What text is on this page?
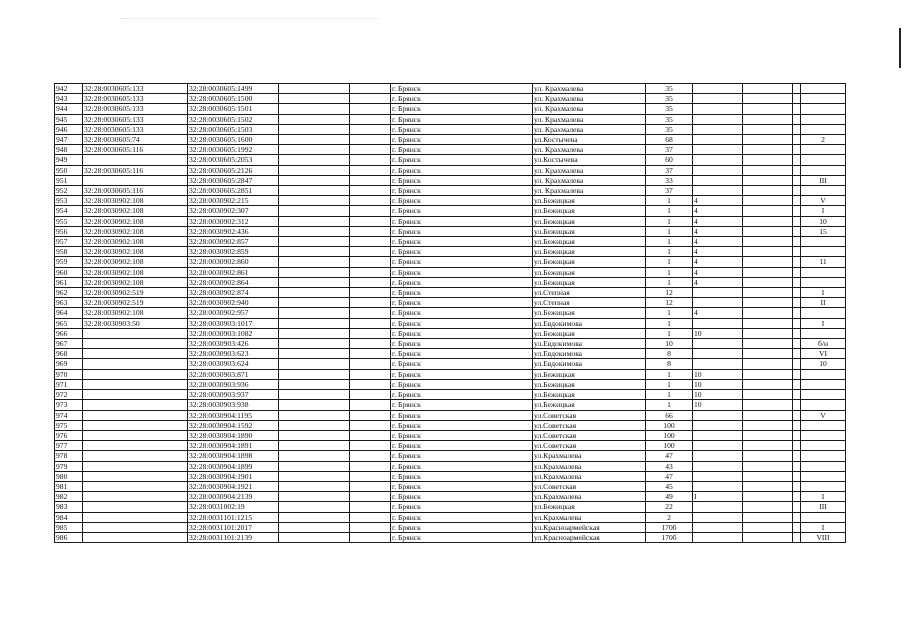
942	32:28:0030605:133	32:28:0030605:1499			г. Брянск	ул. Крахмалева	35				
943	32:28:0030605:133	32:28:0030605:1500			г. Брянск	ул. Крахмалева	35				
944	32:28:0030605:133	32:28:0030605:1501			г. Брянск	ул. Крахмалева	35				
945	32:28:0030605:133	32:28:0030605:1502			г. Брянск	ул. Крахмалева	35				
946	32:28:0030605:133	32:28:0030605:1503			г. Брянск	ул. Крахмалева	35				
947	32:28:0030605:74	32:28:0030605:1600			г. Брянск	ул.Костычева	68				2
948	32:28:0030605:116	32:28:0030605:1992			г. Брянск	ул. Крахмалева	37				
949		32:28:0030605:2053			г. Брянск	ул.Костычева	60				
950	32:28:0030605:116	32:28:0030605:2126			г. Брянск	ул. Крахмалева	37				
951		32:28:0030605:2847			г. Брянск	ул. Крахмалева	33				III
952	32:28:0030605:116	32:28:0030605:2851			г. Брянск	ул. Крахмалева	37				
953	32:28:0030902:108	32:28:0030902:215			г. Брянск	ул.Бежицкая	1	4			V
954	32:28:0030902:108	32:28:0030902:307			г. Брянск	ул.Бежицкая	1	4			I
955	32:28:0030902:108	32:28:0030902:312			г. Брянск	ул.Бежицкая	1	4			10
956	32:28:0030902:108	32:28:0030902:436			г. Брянск	ул.Бежицкая	1	4			15
957	32:28:0030902:108	32:28:0030902:857			г. Брянск	ул.Бежицкая	1	4			
958	32:28:0030902:108	32:28:0030902:859			г. Брянск	ул.Бежицкая	1	4			
959	32:28:0030902:108	32:28:0030902:860			г. Брянск	ул.Бежицкая	1	4			11
960	32:28:0030902:108	32:28:0030902:861			г. Брянск	ул.Бежицкая	1	4			
961	32:28:0030902:108	32:28:0030902:864			г. Брянск	ул.Бежицкая	1	4			
962	32:28:0030902:519	32:28:0030902:874			г. Брянск	ул.Степная	12				I
963	32:28:0030902:519	32:28:0030902:940			г. Брянск	ул.Степная	12				II
964	32:28:0030902:108	32:28:0030902:957			г. Брянск	ул.Бежицкая	1	4			
965	32:28:0030903:50	32:28:0030903:1017			г. Брянск	ул.Евдокимова	1				I
966		32:28:0030903:1082			г. Брянск	ул.Бежицкая	1	10			
967		32:28:0030903:426			г. Брянск	ул.Евдокимова	10				б/н
968		32:28:0030903:623			г. Брянск	ул.Евдокимова	8				VI
969		32:28:0030903:624			г. Брянск	ул.Евдокимова	8				10
970		32:28:0030903:871			г. Брянск	ул.Бежицкая	1	10			
971		32:28:0030903:936			г. Брянск	ул.Бежицкая	1	10			
972		32:28:0030903:937			г. Брянск	ул.Бежицкая	1	10			
973		32:28:0030903:938			г. Брянск	ул.Бежицкая	1	10			
974		32:28:0030904:1195			г. Брянск	ул.Советская	66				V
975		32:28:0030904:1592			г. Брянск	ул.Советская	100				
976		32:28:0030904:1890			г. Брянск	ул.Советская	100				
977		32:28:0030904:1891			г. Брянск	ул.Советская	100				
978		32:28:0030904:1898			г. Брянск	ул.Крахмалева	47				
979		32:28:0030904:1899			г. Брянск	ул.Крахмалева	43				
980		32:28:0030904:1901			г. Брянск	ул.Крахмалева	47				
981		32:28:0030904:1921			г. Брянск	ул.Советская	45				
982		32:28:0030904:2139			г. Брянск	ул.Крахмалева	49	I			I
983		32:28:0031002:19			г. Брянск	ул.Бежицкая	22				III
984		32:28:0031101:1215			г. Брянск	ул.Крахмалева	2				
985		32:28:0031101:2017			г. Брянск	ул.Красноармейская	170б				I
986		32:28:0031101:2139			г. Брянск	ул.Красноармейская	170б				VIII
